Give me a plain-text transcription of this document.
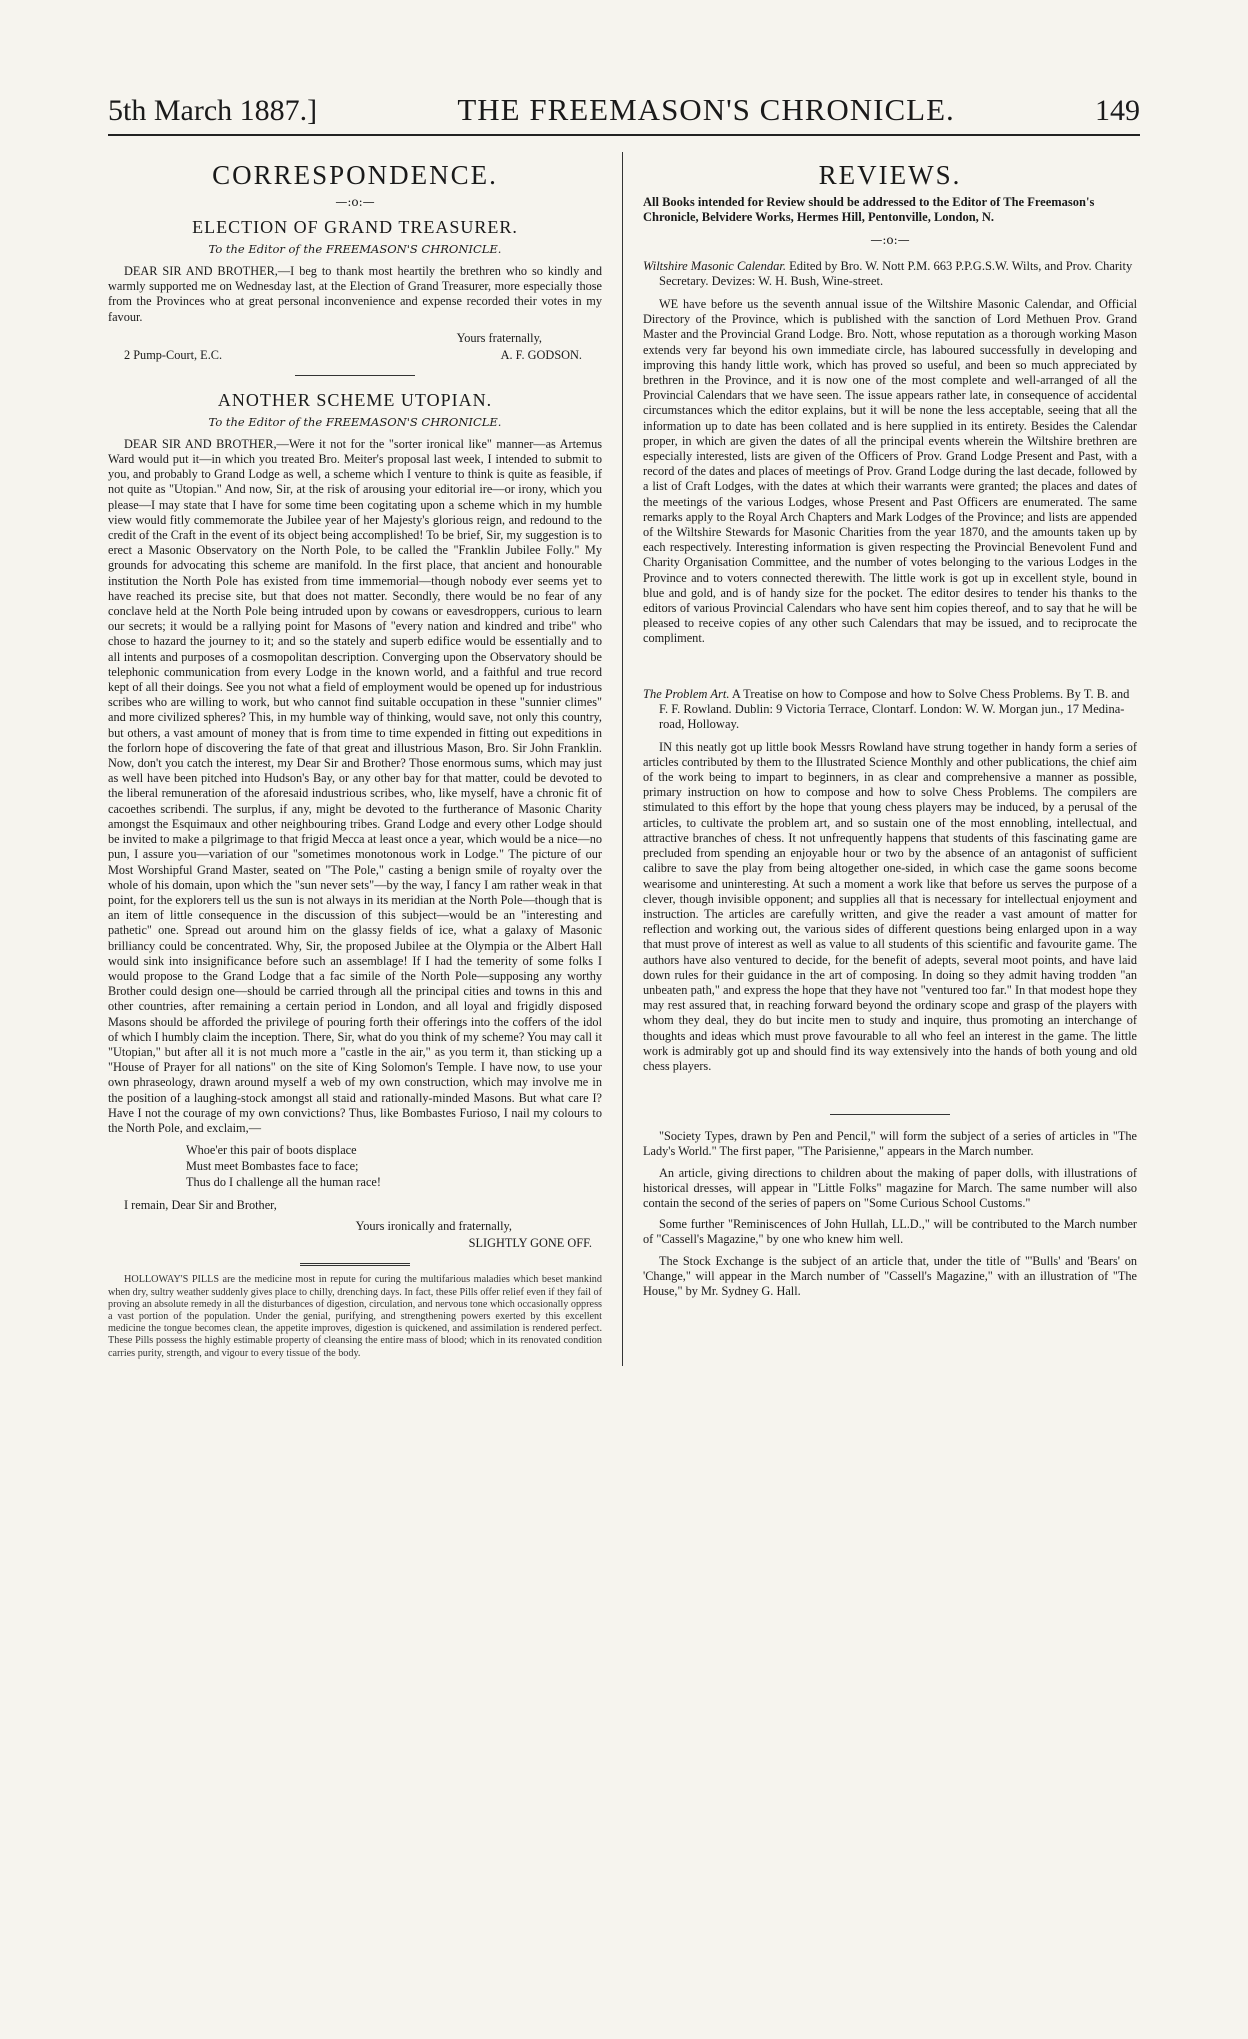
5th March 1887.]	THE FREEMASON'S CHRONICLE.	149
CORRESPONDENCE.
—:o:—
ELECTION OF GRAND TREASURER.
To the Editor of the FREEMASON'S CHRONICLE.

DEAR SIR AND BROTHER,—I beg to thank most heartily the brethren who so kindly and warmly supported me on Wednesday last, at the Election of Grand Treasurer, more especially those from the Provinces who at great personal inconvenience and expense recorded their votes in my favour.

Yours fraternally,
2 Pump-Court, E.C.	A. F. GODSON.
ANOTHER SCHEME UTOPIAN.
To the Editor of the FREEMASON'S CHRONICLE.

DEAR SIR AND BROTHER,—Were it not for the "sorter ironical like" manner—as Artemus Ward would put it—in which you treated Bro. Meiter's proposal last week, I intended to submit to you, and probably to Grand Lodge as well, a scheme which I venture to think is quite as feasible, if not quite as "Utopian." And now, Sir, at the risk of arousing your editorial ire—or irony, which you please—I may state that I have for some time been cogitating upon a scheme which in my humble view would fitly commemorate the Jubilee year of her Majesty's glorious reign, and redound to the credit of the Craft in the event of its object being accomplished! To be brief, Sir, my suggestion is to erect a Masonic Observatory on the North Pole, to be called the "Franklin Jubilee Folly." My grounds for advocating this scheme are manifold. In the first place, that ancient and honourable institution the North Pole has existed from time immemorial—though nobody ever seems yet to have reached its precise site, but that does not matter. Secondly, there would be no fear of any conclave held at the North Pole being intruded upon by cowans or eavesdroppers, curious to learn our secrets; it would be a rallying point for Masons of "every nation and kindred and tribe" who chose to hazard the journey to it; and so the stately and superb edifice would be essentially and to all intents and purposes of a cosmopolitan description. Converging upon the Observatory should be telephonic communication from every Lodge in the known world, and a faithful and true record kept of all their doings. See you not what a field of employment would be opened up for industrious scribes who are willing to work, but who cannot find suitable occupation in these "sunnier climes" and more civilized spheres? This, in my humble way of thinking, would save, not only this country, but others, a vast amount of money that is from time to time expended in fitting out expeditions in the forlorn hope of discovering the fate of that great and illustrious Mason, Bro. Sir John Franklin. Now, don't you catch the interest, my Dear Sir and Brother? Those enormous sums, which may just as well have been pitched into Hudson's Bay, or any other bay for that matter, could be devoted to the liberal remuneration of the aforesaid industrious scribes, who, like myself, have a chronic fit of cacoethes scribendi. The surplus, if any, might be devoted to the furtherance of Masonic Charity amongst the Esquimaux and other neighbouring tribes. Grand Lodge and every other Lodge should be invited to make a pilgrimage to that frigid Mecca at least once a year, which would be a nice—no pun, I assure you—variation of our "sometimes monotonous work in Lodge." The picture of our Most Worshipful Grand Master, seated on "The Pole," casting a benign smile of royalty over the whole of his domain, upon which the "sun never sets"—by the way, I fancy I am rather weak in that point, for the explorers tell us the sun is not always in its meridian at the North Pole—though that is an item of little consequence in the discussion of this subject—would be an "interesting and pathetic" one. Spread out around him on the glassy fields of ice, what a galaxy of Masonic brilliancy could be concentrated. Why, Sir, the proposed Jubilee at the Olympia or the Albert Hall would sink into insignificance before such an assemblage! If I had the temerity of some folks I would propose to the Grand Lodge that a fac simile of the North Pole—supposing any worthy Brother could design one—should be carried through all the principal cities and towns in this and other countries, after remaining a certain period in London, and all loyal and frigidly disposed Masons should be afforded the privilege of pouring forth their offerings into the coffers of the idol of which I humbly claim the inception. There, Sir, what do you think of my scheme? You may call it "Utopian," but after all it is not much more a "castle in the air," as you term it, than sticking up a "House of Prayer for all nations" on the site of King Solomon's Temple. I have now, to use your own phraseology, drawn around myself a web of my own construction, which may involve me in the position of a laughing-stock amongst all staid and rationally-minded Masons. But what care I? Have I not the courage of my own convictions? Thus, like Bombastes Furioso, I nail my colours to the North Pole, and exclaim,—

Whoe'er this pair of boots displace
Must meet Bombastes face to face;
Thus do I challenge all the human race!

I remain, Dear Sir and Brother,

Yours ironically and fraternally,
SLIGHTLY GONE OFF.

HOLLOWAY'S PILLS are the medicine most in repute for curing the multifarious maladies which beset mankind when dry, sultry weather suddenly gives place to chilly, drenching days. In fact, these Pills offer relief even if they fail of proving an absolute remedy in all the disturbances of digestion, circulation, and nervous tone which occasionally oppress a vast portion of the population. Under the genial, purifying, and strengthening powers exerted by this excellent medicine the tongue becomes clean, the appetite improves, digestion is quickened, and assimilation is rendered perfect. These Pills possess the highly estimable property of cleansing the entire mass of blood; which in its renovated condition carries purity, strength, and vigour to every tissue of the body.

REVIEWS.
All Books intended for Review should be addressed to the Editor of The Freemason's Chronicle, Belvidere Works, Hermes Hill, Pentonville, London, N.
—:o:—
Wiltshire Masonic Calendar. Edited by Bro. W. Nott P.M. 663 P.P.G.S.W. Wilts, and Prov. Charity Secretary. Devizes: W. H. Bush, Wine-street.

WE have before us the seventh annual issue of the Wiltshire Masonic Calendar, and Official Directory of the Province, which is published with the sanction of Lord Methuen Prov. Grand Master and the Provincial Grand Lodge. Bro. Nott, whose reputation as a thorough working Mason extends very far beyond his own immediate circle, has laboured successfully in developing and improving this handy little work, which has proved so useful, and been so much appreciated by brethren in the Province, and it is now one of the most complete and well-arranged of all the Provincial Calendars that we have seen. The issue appears rather late, in consequence of accidental circumstances which the editor explains, but it will be none the less acceptable, seeing that all the information up to date has been collated and is here supplied in its entirety. Besides the Calendar proper, in which are given the dates of all the principal events wherein the Wiltshire brethren are especially interested, lists are given of the Officers of Prov. Grand Lodge Present and Past, with a record of the dates and places of meetings of Prov. Grand Lodge during the last decade, followed by a list of Craft Lodges, with the dates at which their warrants were granted; the places and dates of the meetings of the various Lodges, whose Present and Past Officers are enumerated. The same remarks apply to the Royal Arch Chapters and Mark Lodges of the Province; and lists are appended of the Wiltshire Stewards for Masonic Charities from the year 1870, and the amounts taken up by each respectively. Interesting information is given respecting the Provincial Benevolent Fund and Charity Organisation Committee, and the number of votes belonging to the various Lodges in the Province and to voters connected therewith. The little work is got up in excellent style, bound in blue and gold, and is of handy size for the pocket. The editor desires to tender his thanks to the editors of various Provincial Calendars who have sent him copies thereof, and to say that he will be pleased to receive copies of any other such Calendars that may be issued, and to reciprocate the compliment.

The Problem Art. A Treatise on how to Compose and how to Solve Chess Problems. By T. B. and F. F. Rowland. Dublin: 9 Victoria Terrace, Clontarf. London: W. W. Morgan jun., 17 Medina-road, Holloway.

IN this neatly got up little book Messrs Rowland have strung together in handy form a series of articles contributed by them to the Illustrated Science Monthly and other publications, the chief aim of the work being to impart to beginners, in as clear and comprehensive a manner as possible, primary instruction on how to compose and how to solve Chess Problems. The compilers are stimulated to this effort by the hope that young chess players may be induced, by a perusal of the articles, to cultivate the problem art, and so sustain one of the most ennobling, intellectual, and attractive branches of chess. It not unfrequently happens that students of this fascinating game are precluded from spending an enjoyable hour or two by the absence of an antagonist of sufficient calibre to save the play from being altogether one-sided, in which case the game soons become wearisome and uninteresting. At such a moment a work like that before us serves the purpose of a clever, though invisible opponent; and supplies all that is necessary for intellectual enjoyment and instruction. The articles are carefully written, and give the reader a vast amount of matter for reflection and working out, the various sides of different questions being enlarged upon in a way that must prove of interest as well as value to all students of this scientific and favourite game. The authors have also ventured to decide, for the benefit of adepts, several moot points, and have laid down rules for their guidance in the art of composing. In doing so they admit having trodden "an unbeaten path," and express the hope that they have not "ventured too far." In that modest hope they may rest assured that, in reaching forward beyond the ordinary scope and grasp of the players with whom they deal, they do but incite men to study and inquire, thus promoting an interchange of thoughts and ideas which must prove favourable to all who feel an interest in the game. The little work is admirably got up and should find its way extensively into the hands of both young and old chess players.

"Society Types, drawn by Pen and Pencil," will form the subject of a series of articles in "The Lady's World." The first paper, "The Parisienne," appears in the March number.

An article, giving directions to children about the making of paper dolls, with illustrations of historical dresses, will appear in "Little Folks" magazine for March. The same number will also contain the second of the series of papers on "Some Curious School Customs."

Some further "Reminiscences of John Hullah, LL.D.," will be contributed to the March number of "Cassell's Magazine," by one who knew him well.

The Stock Exchange is the subject of an article that, under the title of "'Bulls' and 'Bears' on 'Change," will appear in the March number of "Cassell's Magazine," with an illustration of "The House," by Mr. Sydney G. Hall.
